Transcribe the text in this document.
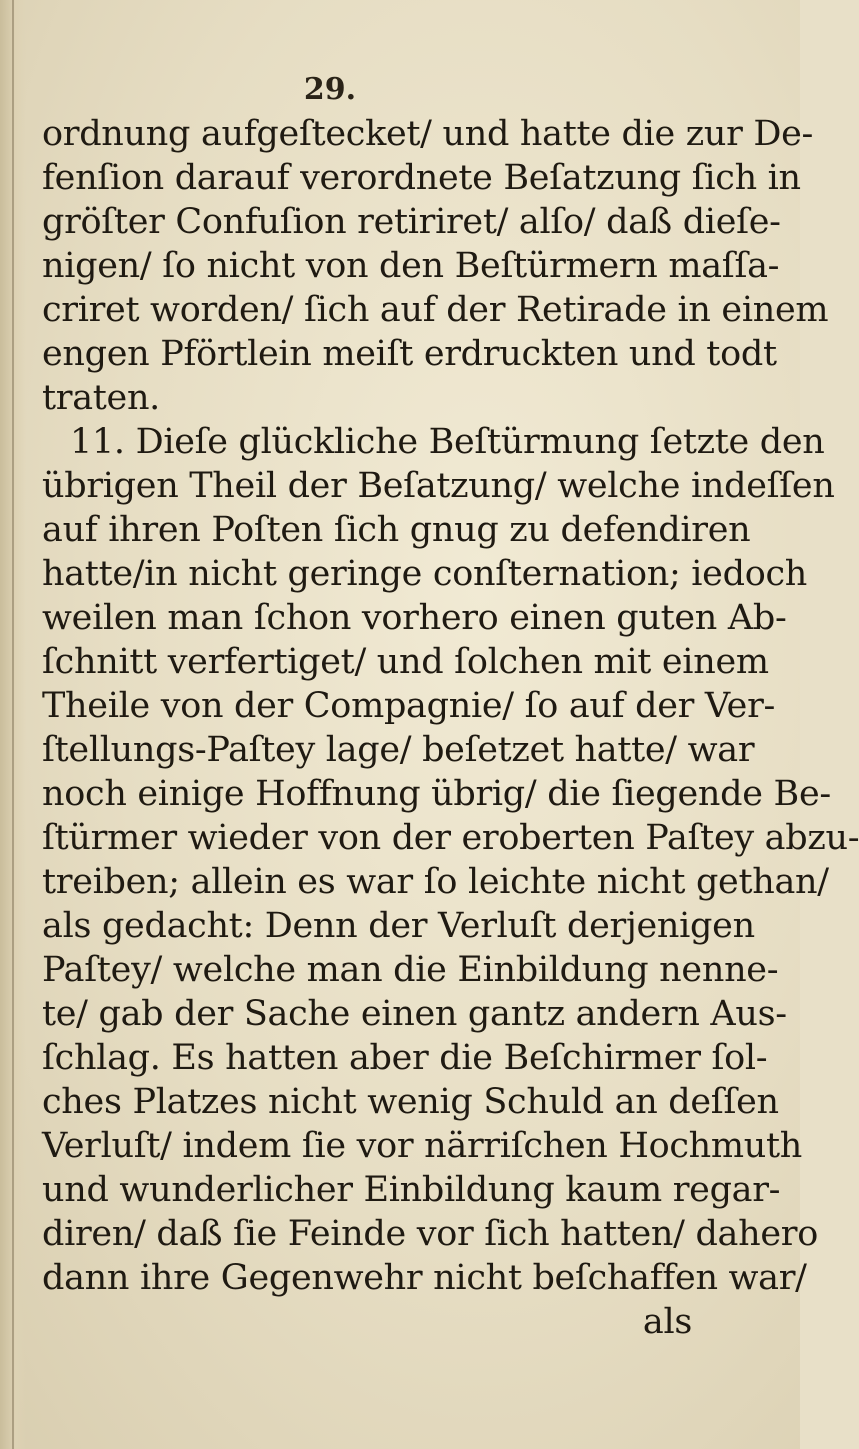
29.
ordnung aufgeſtecket/ und hatte die zur De-
fenſion darauf verordnete Beſatzung ſich in
gröſter Confuſion retiriret/ alſo/ daß dieſe-
nigen/ ſo nicht von den Beſtürmern maſſa-
criret worden/ ſich auf der Retirade in einem
engen Pförtlein meiſt erdruckten und todt
traten.
11. Dieſe glückliche Beſtürmung ſetzte den
übrigen Theil der Beſatzung/ welche indeſſen
auf ihren Poſten ſich gnug zu defendiren
hatte/in nicht geringe conſternation; iedoch
weilen man ſchon vorhero einen guten Ab-
ſchnitt verfertiget/ und ſolchen mit einem
Theile von der Compagnie/ ſo auf der Ver-
ſtellungs-Paſtey lage/ beſetzet hatte/ war
noch einige Hoffnung übrig/ die ſiegende Be-
ſtürmer wieder von der eroberten Paſtey abzu-
treiben; allein es war ſo leichte nicht gethan/
als gedacht: Denn der Verluſt derjenigen
Paſtey/ welche man die Einbildung nenne-
te/ gab der Sache einen gantz andern Aus-
ſchlag. Es hatten aber die Beſchirmer ſol-
ches Platzes nicht wenig Schuld an deſſen
Verluſt/ indem ſie vor närriſchen Hochmuth
und wunderlicher Einbildung kaum regar-
diren/ daß ſie Feinde vor ſich hatten/ dahero
dann ihre Gegenwehr nicht beſchaffen war/
als
